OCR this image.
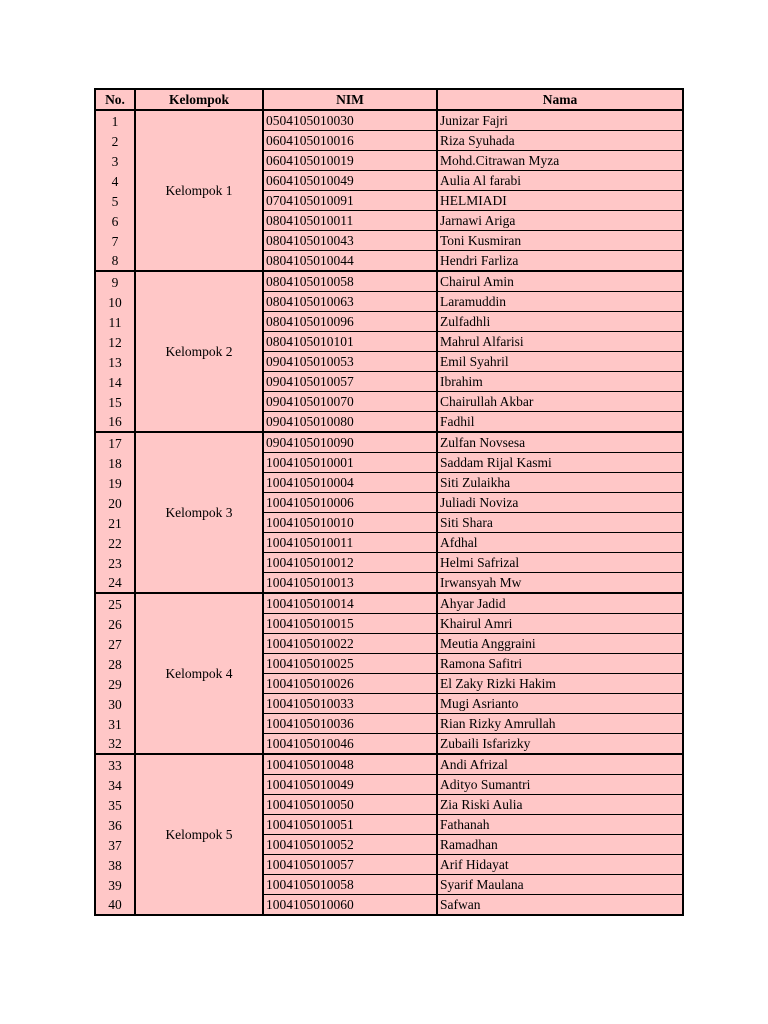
No.	Kelompok	NIM	Nama
1	Kelompok 1	0504105010030	Junizar Fajri
2		0604105010016	Riza Syuhada
3		0604105010019	Mohd.Citrawan Myza
4		0604105010049	Aulia Al farabi
5		0704105010091	HELMIADI
6		0804105010011	Jarnawi Ariga
7		0804105010043	Toni Kusmiran
8		0804105010044	Hendri Farliza
9	Kelompok 2	0804105010058	Chairul Amin
10		0804105010063	Laramuddin
11		0804105010096	Zulfadhli
12		0804105010101	Mahrul Alfarisi
13		0904105010053	Emil Syahril
14		0904105010057	Ibrahim
15		0904105010070	Chairullah Akbar
16		0904105010080	Fadhil
17	Kelompok 3	0904105010090	Zulfan Novsesa
18		1004105010001	Saddam Rijal Kasmi
19		1004105010004	Siti Zulaikha
20		1004105010006	Juliadi Noviza
21		1004105010010	Siti Shara
22		1004105010011	Afdhal
23		1004105010012	Helmi Safrizal
24		1004105010013	Irwansyah Mw
25	Kelompok 4	1004105010014	Ahyar Jadid
26		1004105010015	Khairul Amri
27		1004105010022	Meutia Anggraini
28		1004105010025	Ramona Safitri
29		1004105010026	El Zaky Rizki Hakim
30		1004105010033	Mugi Asrianto
31		1004105010036	Rian Rizky Amrullah
32		1004105010046	Zubaili Isfarizky
33	Kelompok 5	1004105010048	Andi Afrizal
34		1004105010049	Adityo Sumantri
35		1004105010050	Zia Riski Aulia
36		1004105010051	Fathanah
37		1004105010052	Ramadhan
38		1004105010057	Arif Hidayat
39		1004105010058	Syarif Maulana
40		1004105010060	Safwan
